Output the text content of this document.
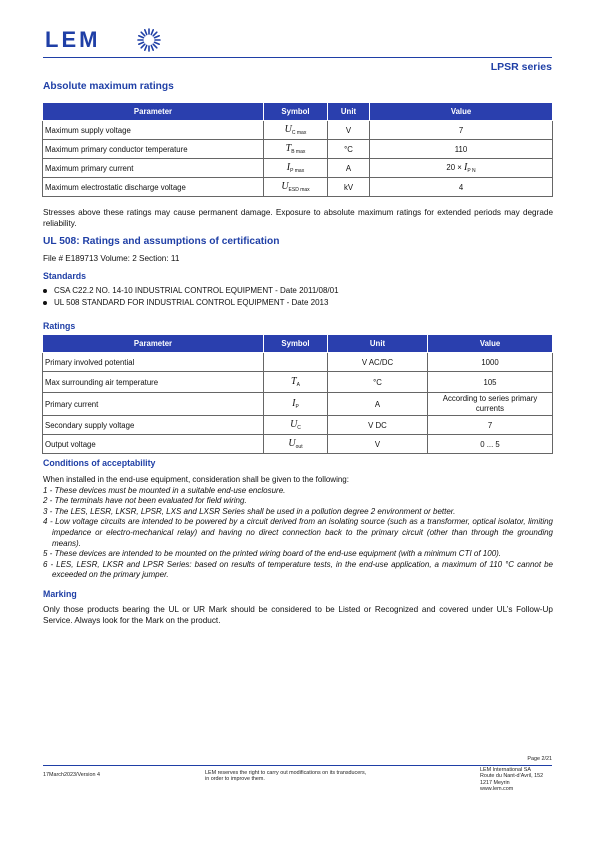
LEM
LPSR series
Absolute maximum ratings
Parameter	Symbol	Unit	Value
Maximum supply voltage	$U_{C max}$	V	7
Maximum primary conductor temperature	$T_{B max}$	°C	110
Maximum primary current	$I_{P max}$	A	$20 \times I_{P N}$
Maximum electrostatic discharge voltage	$U_{ESD max}$	kV	4

Stresses above these ratings may cause permanent damage. Exposure to absolute maximum ratings for extended periods may degrade reliability.

UL 508: Ratings and assumptions of certification

File # E189713 Volume: 2 Section: 11

Standards
CSA C22.2 NO. 14-10 INDUSTRIAL CONTROL EQUIPMENT - Date 2011/08/01
UL 508 STANDARD FOR INDUSTRIAL CONTROL EQUIPMENT - Date 2013
Ratings
Parameter	Symbol	Unit	Value
Primary involved potential		V AC/DC	1000
Max surrounding air temperature	$T_A$	°C	105
Primary current	$I_P$	A	According to series primary currents
Secondary supply voltage	$U_C$	V DC	7
Output voltage	$U_{out}$	V	0 ... 5
Conditions of acceptability
When installed in the end-use equipment, consideration shall be given to the following:
1 - These devices must be mounted in a suitable end-use enclosure.
2 - The terminals have not been evaluated for field wiring.
3 - The LES, LESR, LKSR, LPSR, LXS and LXSR Series shall be used in a pollution degree 2 environment or better.
4 - Low voltage circuits are intended to be powered by a circuit derived from an isolating source (such as a transformer, optical isolator, limiting impedance or electro-mechanical relay) and having no direct connection back to the primary circuit (other than through the grounding means).
5 - These devices are intended to be mounted on the printed wiring board of the end-use equipment (with a minimum CTI of 100).
6 - LES, LESR, LKSR and LPSR Series: based on results of temperature tests, in the end-use application, a maximum of 110 °C cannot be exceeded on the primary jumper.
Marking

Only those products bearing the UL or UR Mark should be considered to be Listed or Recognized and covered under UL’s Follow-Up Service. Always look for the Mark on the product.

Page 2/21
17March2023/Version 4	LEM reserves the right to carry out modifications on its transducers,
in order to improve them.
LEM International SA
Route du Nant-d’Avril, 152
1217 Meyrin
www.lem.com
